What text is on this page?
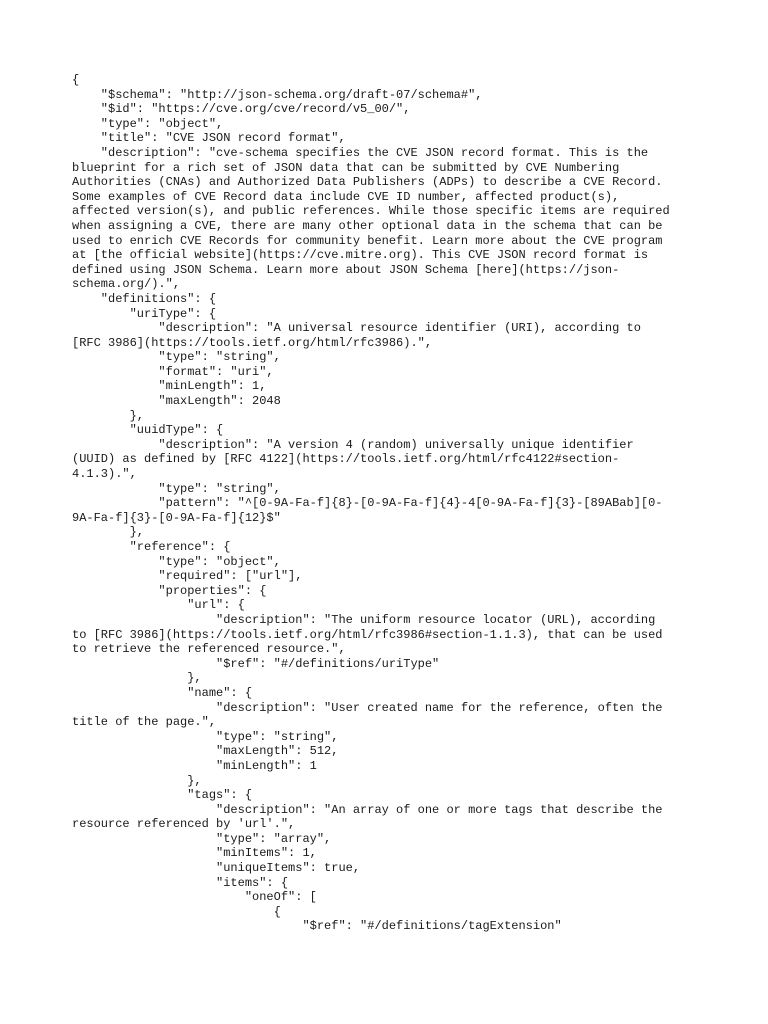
{
"$schema": "http://json-schema.org/draft-07/schema#",
"$id": "https://cve.org/cve/record/v5_00/",
"type": "object",
"title": "CVE JSON record format",
"description": "cve-schema specifies the CVE JSON record format. This is the
blueprint for a rich set of JSON data that can be submitted by CVE Numbering
Authorities (CNAs) and Authorized Data Publishers (ADPs) to describe a CVE Record.
Some examples of CVE Record data include CVE ID number, affected product(s),
affected version(s), and public references. While those specific items are required
when assigning a CVE, there are many other optional data in the schema that can be
used to enrich CVE Records for community benefit. Learn more about the CVE program
at [the official website](https://cve.mitre.org). This CVE JSON record format is
defined using JSON Schema. Learn more about JSON Schema [here](https://json-
schema.org/).",
"definitions": {
"uriType": {
"description": "A universal resource identifier (URI), according to
[RFC 3986](https://tools.ietf.org/html/rfc3986).",
"type": "string",
"format": "uri",
"minLength": 1,
"maxLength": 2048
},
"uuidType": {
"description": "A version 4 (random) universally unique identifier
(UUID) as defined by [RFC 4122](https://tools.ietf.org/html/rfc4122#section-
4.1.3).",
"type": "string",
"pattern": "^[0-9A-Fa-f]{8}-[0-9A-Fa-f]{4}-4[0-9A-Fa-f]{3}-[89ABab][0-
9A-Fa-f]{3}-[0-9A-Fa-f]{12}$"
},
"reference": {
"type": "object",
"required": ["url"],
"properties": {
"url": {
"description": "The uniform resource locator (URL), according
to [RFC 3986](https://tools.ietf.org/html/rfc3986#section-1.1.3), that can be used
to retrieve the referenced resource.",
"$ref": "#/definitions/uriType"
},
"name": {
"description": "User created name for the reference, often the
title of the page.",
"type": "string",
"maxLength": 512,
"minLength": 1
},
"tags": {
"description": "An array of one or more tags that describe the
resource referenced by 'url'.",
"type": "array",
"minItems": 1,
"uniqueItems": true,
"items": {
"oneOf": [
{
"$ref": "#/definitions/tagExtension"
